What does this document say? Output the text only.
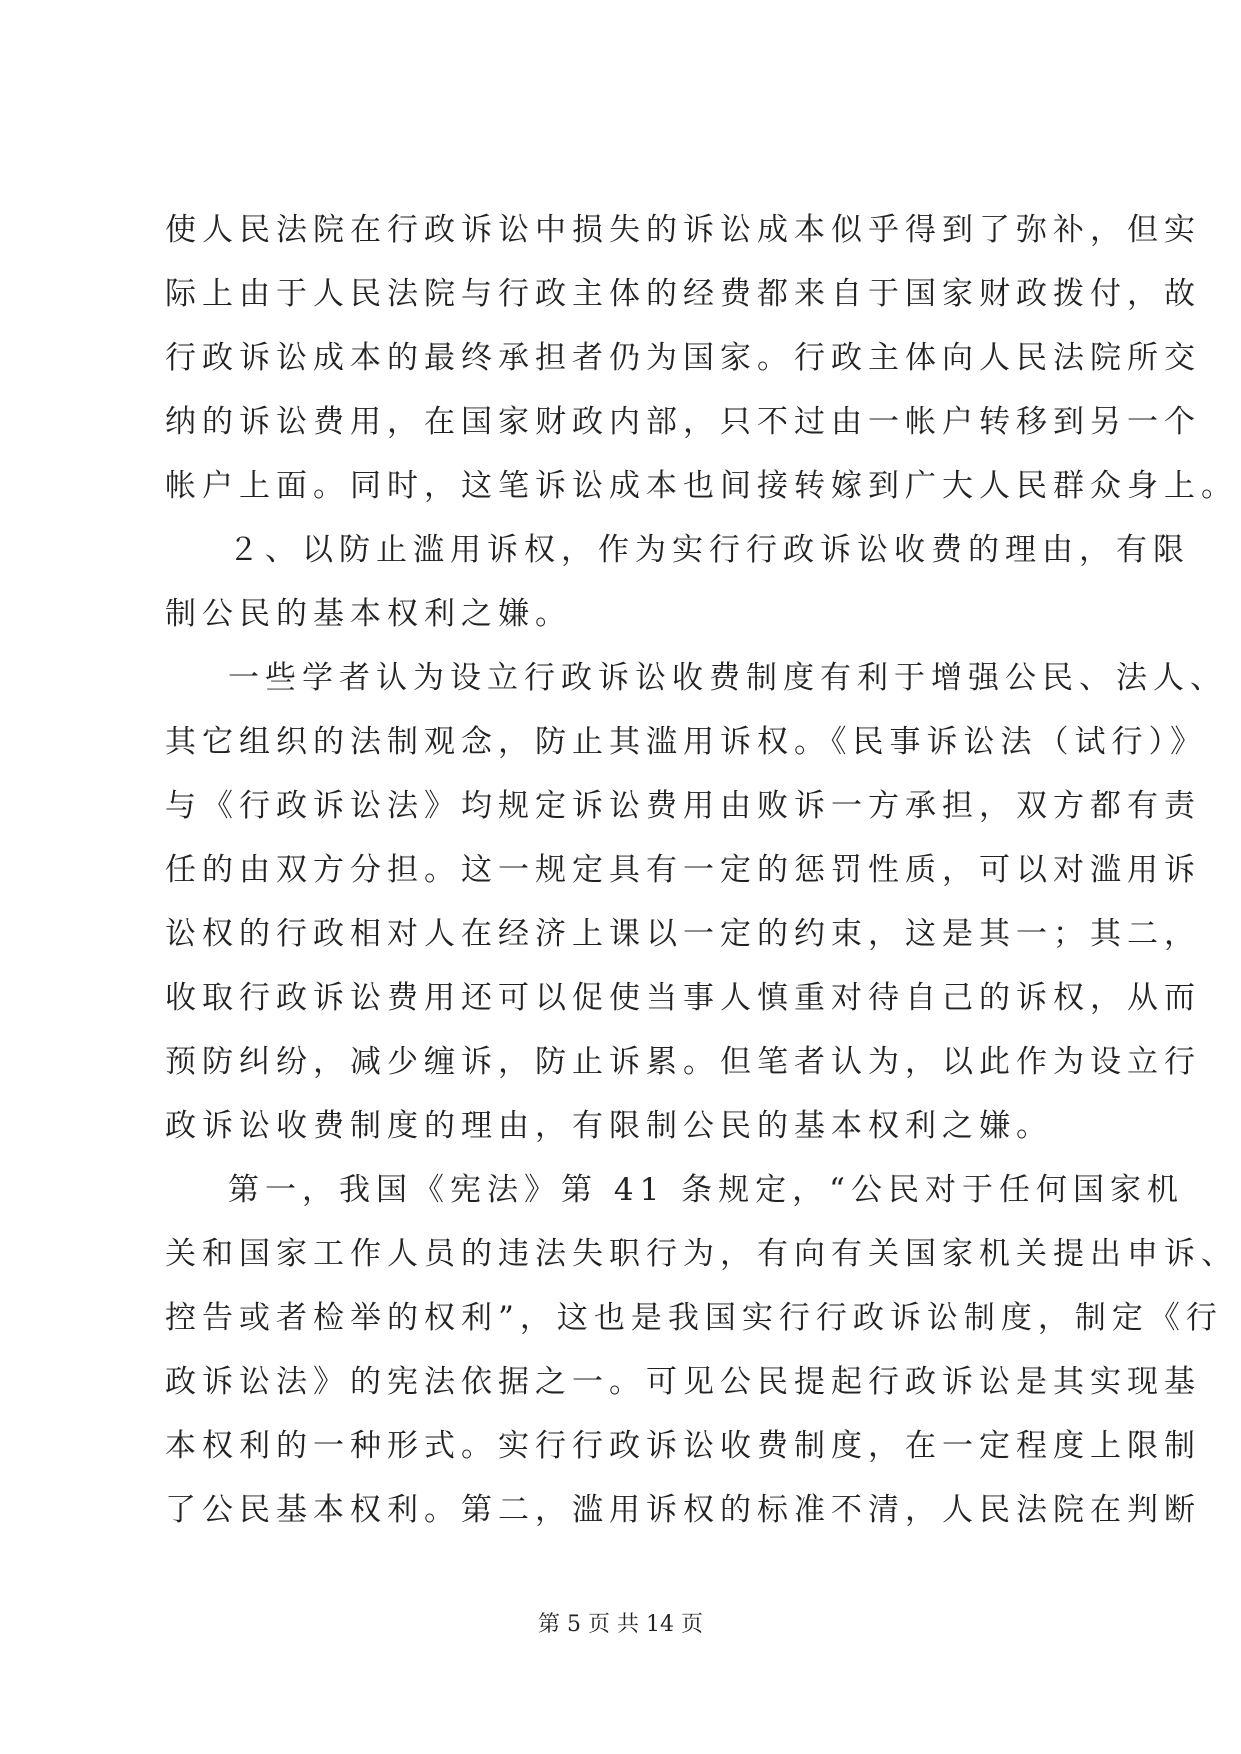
使人民法院在行政诉讼中损失的诉讼成本似乎得到了弥补，但实
际上由于人民法院与行政主体的经费都来自于国家财政拨付，故
行政诉讼成本的最终承担者仍为国家。行政主体向人民法院所交
纳的诉讼费用，在国家财政内部，只不过由一帐户转移到另一个
帐户上面。同时，这笔诉讼成本也间接转嫁到广大人民群众身上。
２、以防止滥用诉权，作为实行行政诉讼收费的理由，有限
制公民的基本权利之嫌。
一些学者认为设立行政诉讼收费制度有利于增强公民、法人、
其它组织的法制观念，防止其滥用诉权。《民事诉讼法（试行）》
与《行政诉讼法》均规定诉讼费用由败诉一方承担，双方都有责
任的由双方分担。这一规定具有一定的惩罚性质，可以对滥用诉
讼权的行政相对人在经济上课以一定的约束，这是其一；其二，
收取行政诉讼费用还可以促使当事人慎重对待自己的诉权，从而
预防纠纷，减少缠诉，防止诉累。但笔者认为，以此作为设立行
政诉讼收费制度的理由，有限制公民的基本权利之嫌。
第一，我国《宪法》第 41 条规定，“公民对于任何国家机
关和国家工作人员的违法失职行为，有向有关国家机关提出申诉、
控告或者检举的权利”，这也是我国实行行政诉讼制度，制定《行
政诉讼法》的宪法依据之一。可见公民提起行政诉讼是其实现基
本权利的一种形式。实行行政诉讼收费制度，在一定程度上限制
了公民基本权利。第二，滥用诉权的标准不清，人民法院在判断
第 5 页 共 14 页
